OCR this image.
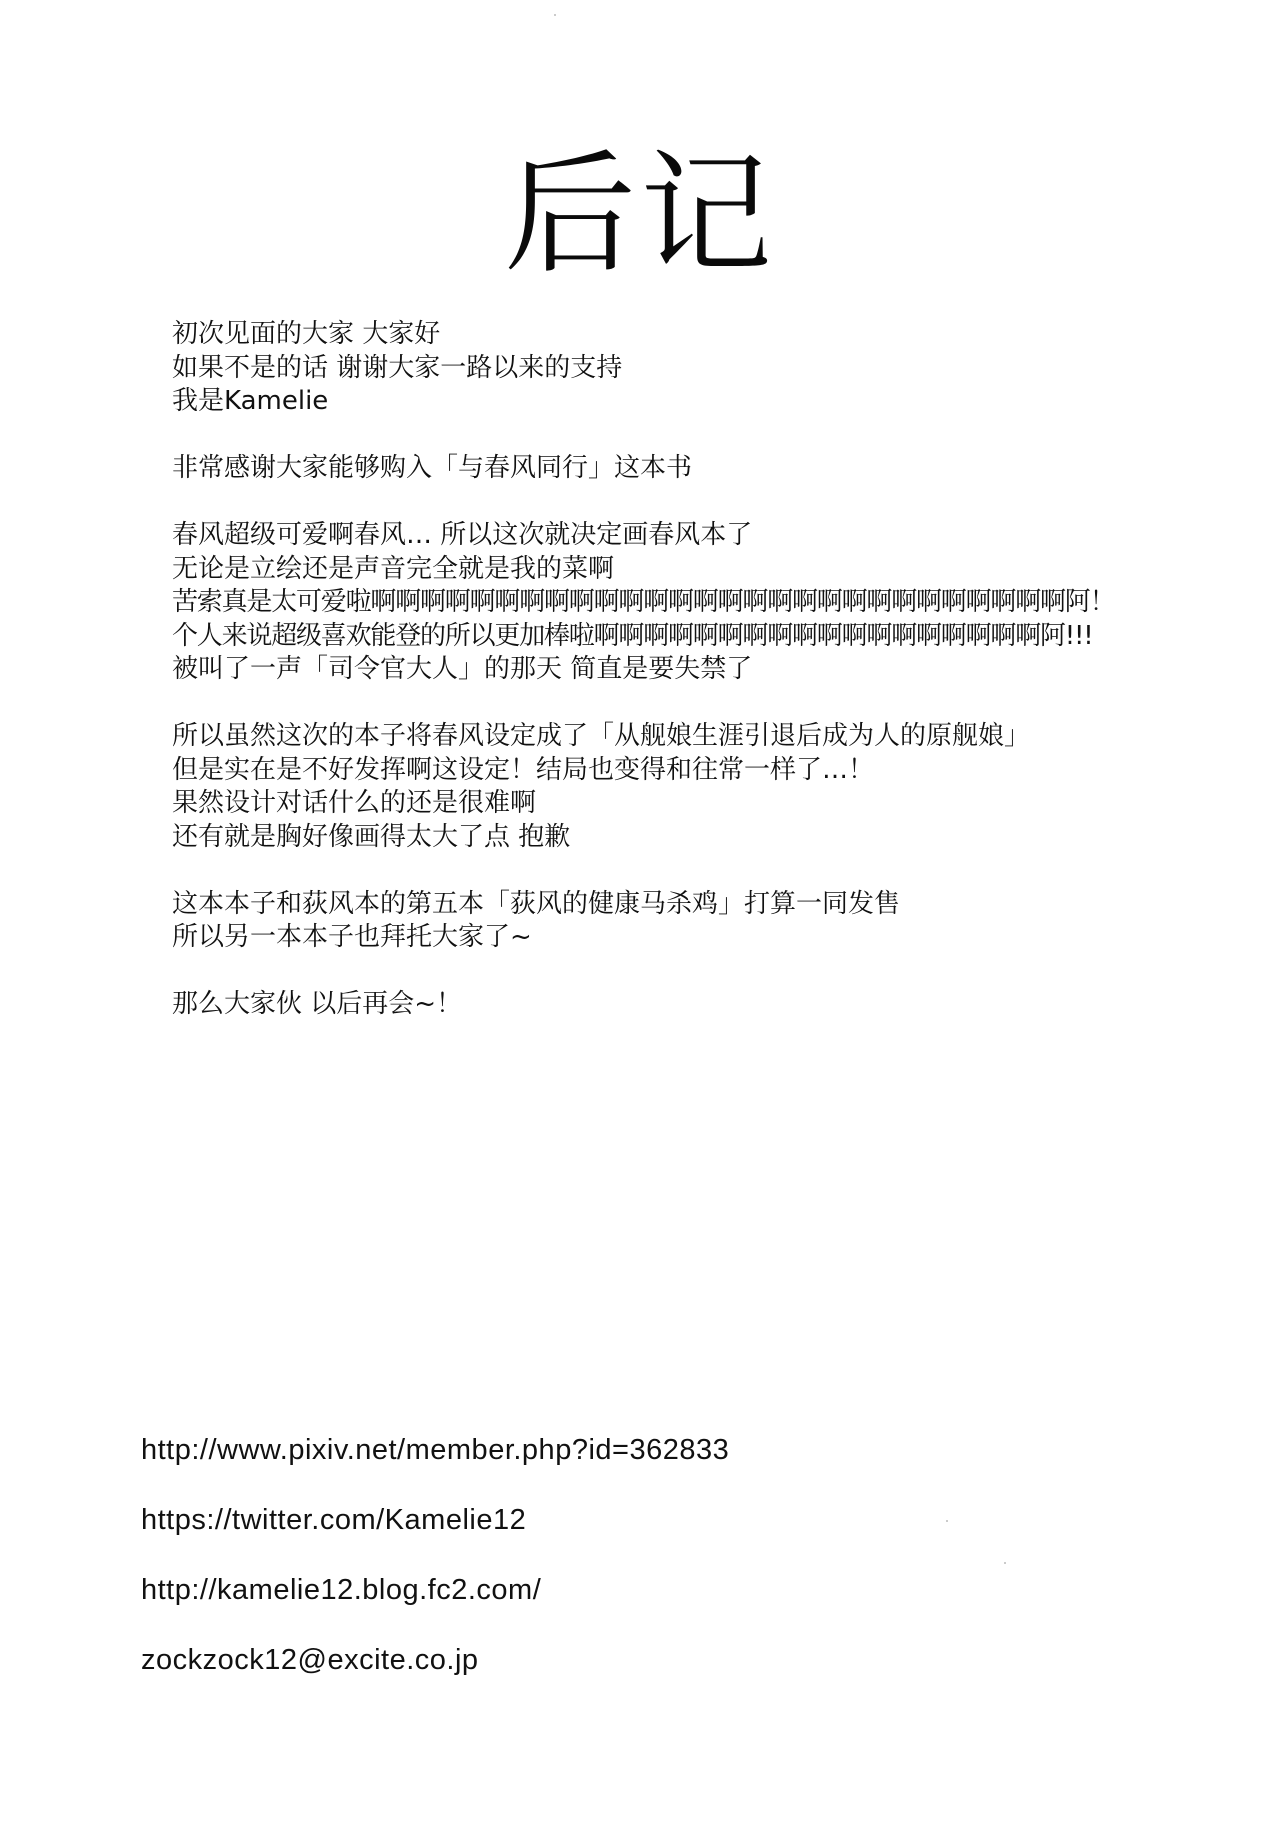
后记
初次见面的大家 大家好
如果不是的话 谢谢大家一路以来的支持
我是Kamelie
非常感谢大家能够购入「与春风同行」这本书
春风超级可爱啊春风… 所以这次就决定画春风本了
无论是立绘还是声音完全就是我的菜啊
苦索真是太可爱啦啊啊啊啊啊啊啊啊啊啊啊啊啊啊啊啊啊啊啊啊啊啊啊啊啊啊啊啊阿！
个人来说超级喜欢能登的所以更加棒啦啊啊啊啊啊啊啊啊啊啊啊啊啊啊啊啊啊啊阿!!!
被叫了一声「司令官大人」的那天 简直是要失禁了
所以虽然这次的本子将春风设定成了「从舰娘生涯引退后成为人的原舰娘」
但是实在是不好发挥啊这设定！结局也变得和往常一样了…！
果然设计对话什么的还是很难啊
还有就是胸好像画得太大了点 抱歉
这本本子和荻风本的第五本「荻风的健康马杀鸡」打算一同发售
所以另一本本子也拜托大家了~
那么大家伙 以后再会~！
http://www.pixiv.net/member.php?id=362833
https://twitter.com/Kamelie12
http://kamelie12.blog.fc2.com/
zockzock12@excite.co.jp
